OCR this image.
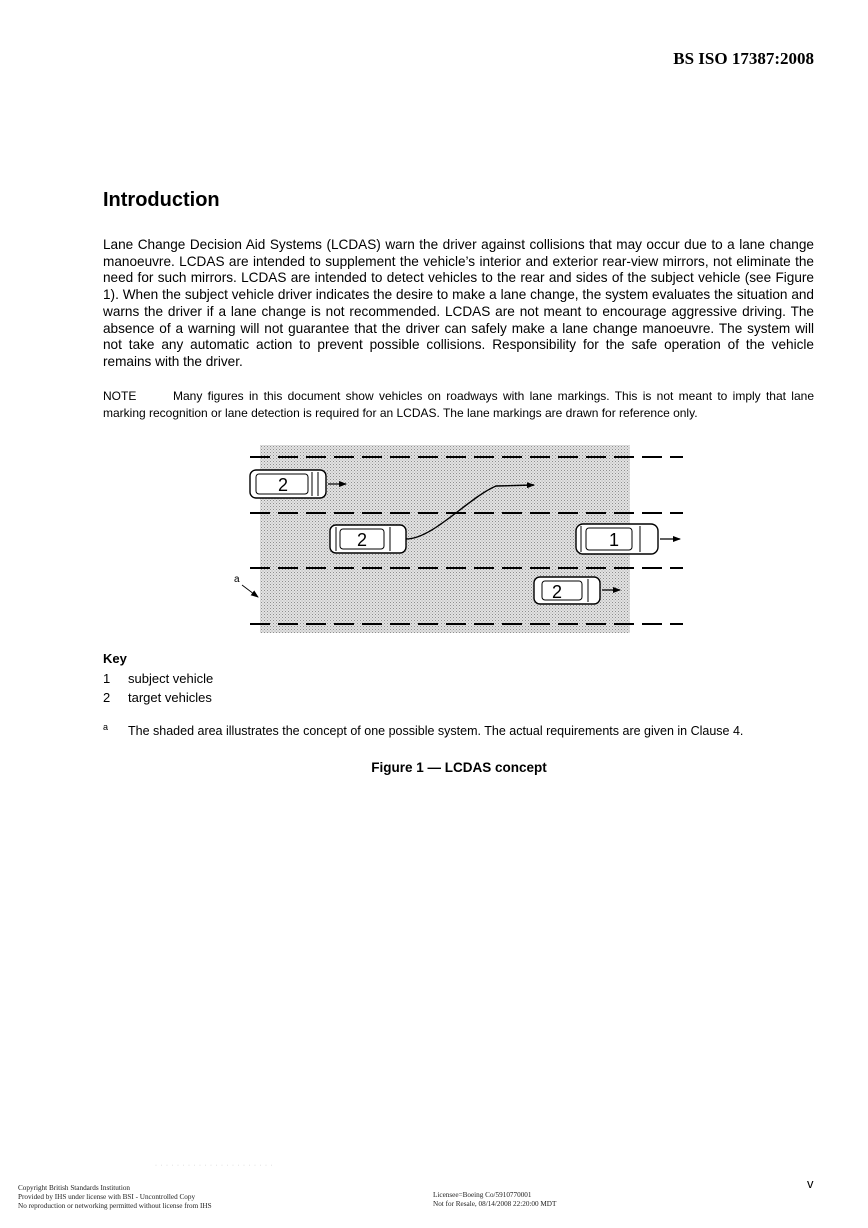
BS ISO 17387:2008
Introduction
Lane Change Decision Aid Systems (LCDAS) warn the driver against collisions that may occur due to a lane change manoeuvre. LCDAS are intended to supplement the vehicle’s interior and exterior rear-view mirrors, not eliminate the need for such mirrors. LCDAS are intended to detect vehicles to the rear and sides of the subject vehicle (see Figure 1). When the subject vehicle driver indicates the desire to make a lane change, the system evaluates the situation and warns the driver if a lane change is not recommended. LCDAS are not meant to encourage aggressive driving. The absence of a warning will not guarantee that the driver can safely make a lane change manoeuvre. The system will not take any automatic action to prevent possible collisions. Responsibility for the safe operation of the vehicle remains with the driver.
NOTE	Many figures in this document show vehicles on roadways with lane markings. This is not meant to imply that lane marking recognition or lane detection is required for an LCDAS. The lane markings are drawn for reference only.
2
2	1
2
a
Key
1 subject vehicle
2 target vehicles
a The shaded area illustrates the concept of one possible system. The actual requirements are given in Clause 4.
Figure 1 — LCDAS concept
· · · · · · · · · · · · · · · · · · · · · ·
v
Copyright British Standards Institution
Provided by IHS under license with BSI - Uncontrolled Copy
No reproduction or networking permitted without license from IHS
Licensee=Boeing Co/5910770001
Not for Resale, 08/14/2008 22:20:00 MDT
